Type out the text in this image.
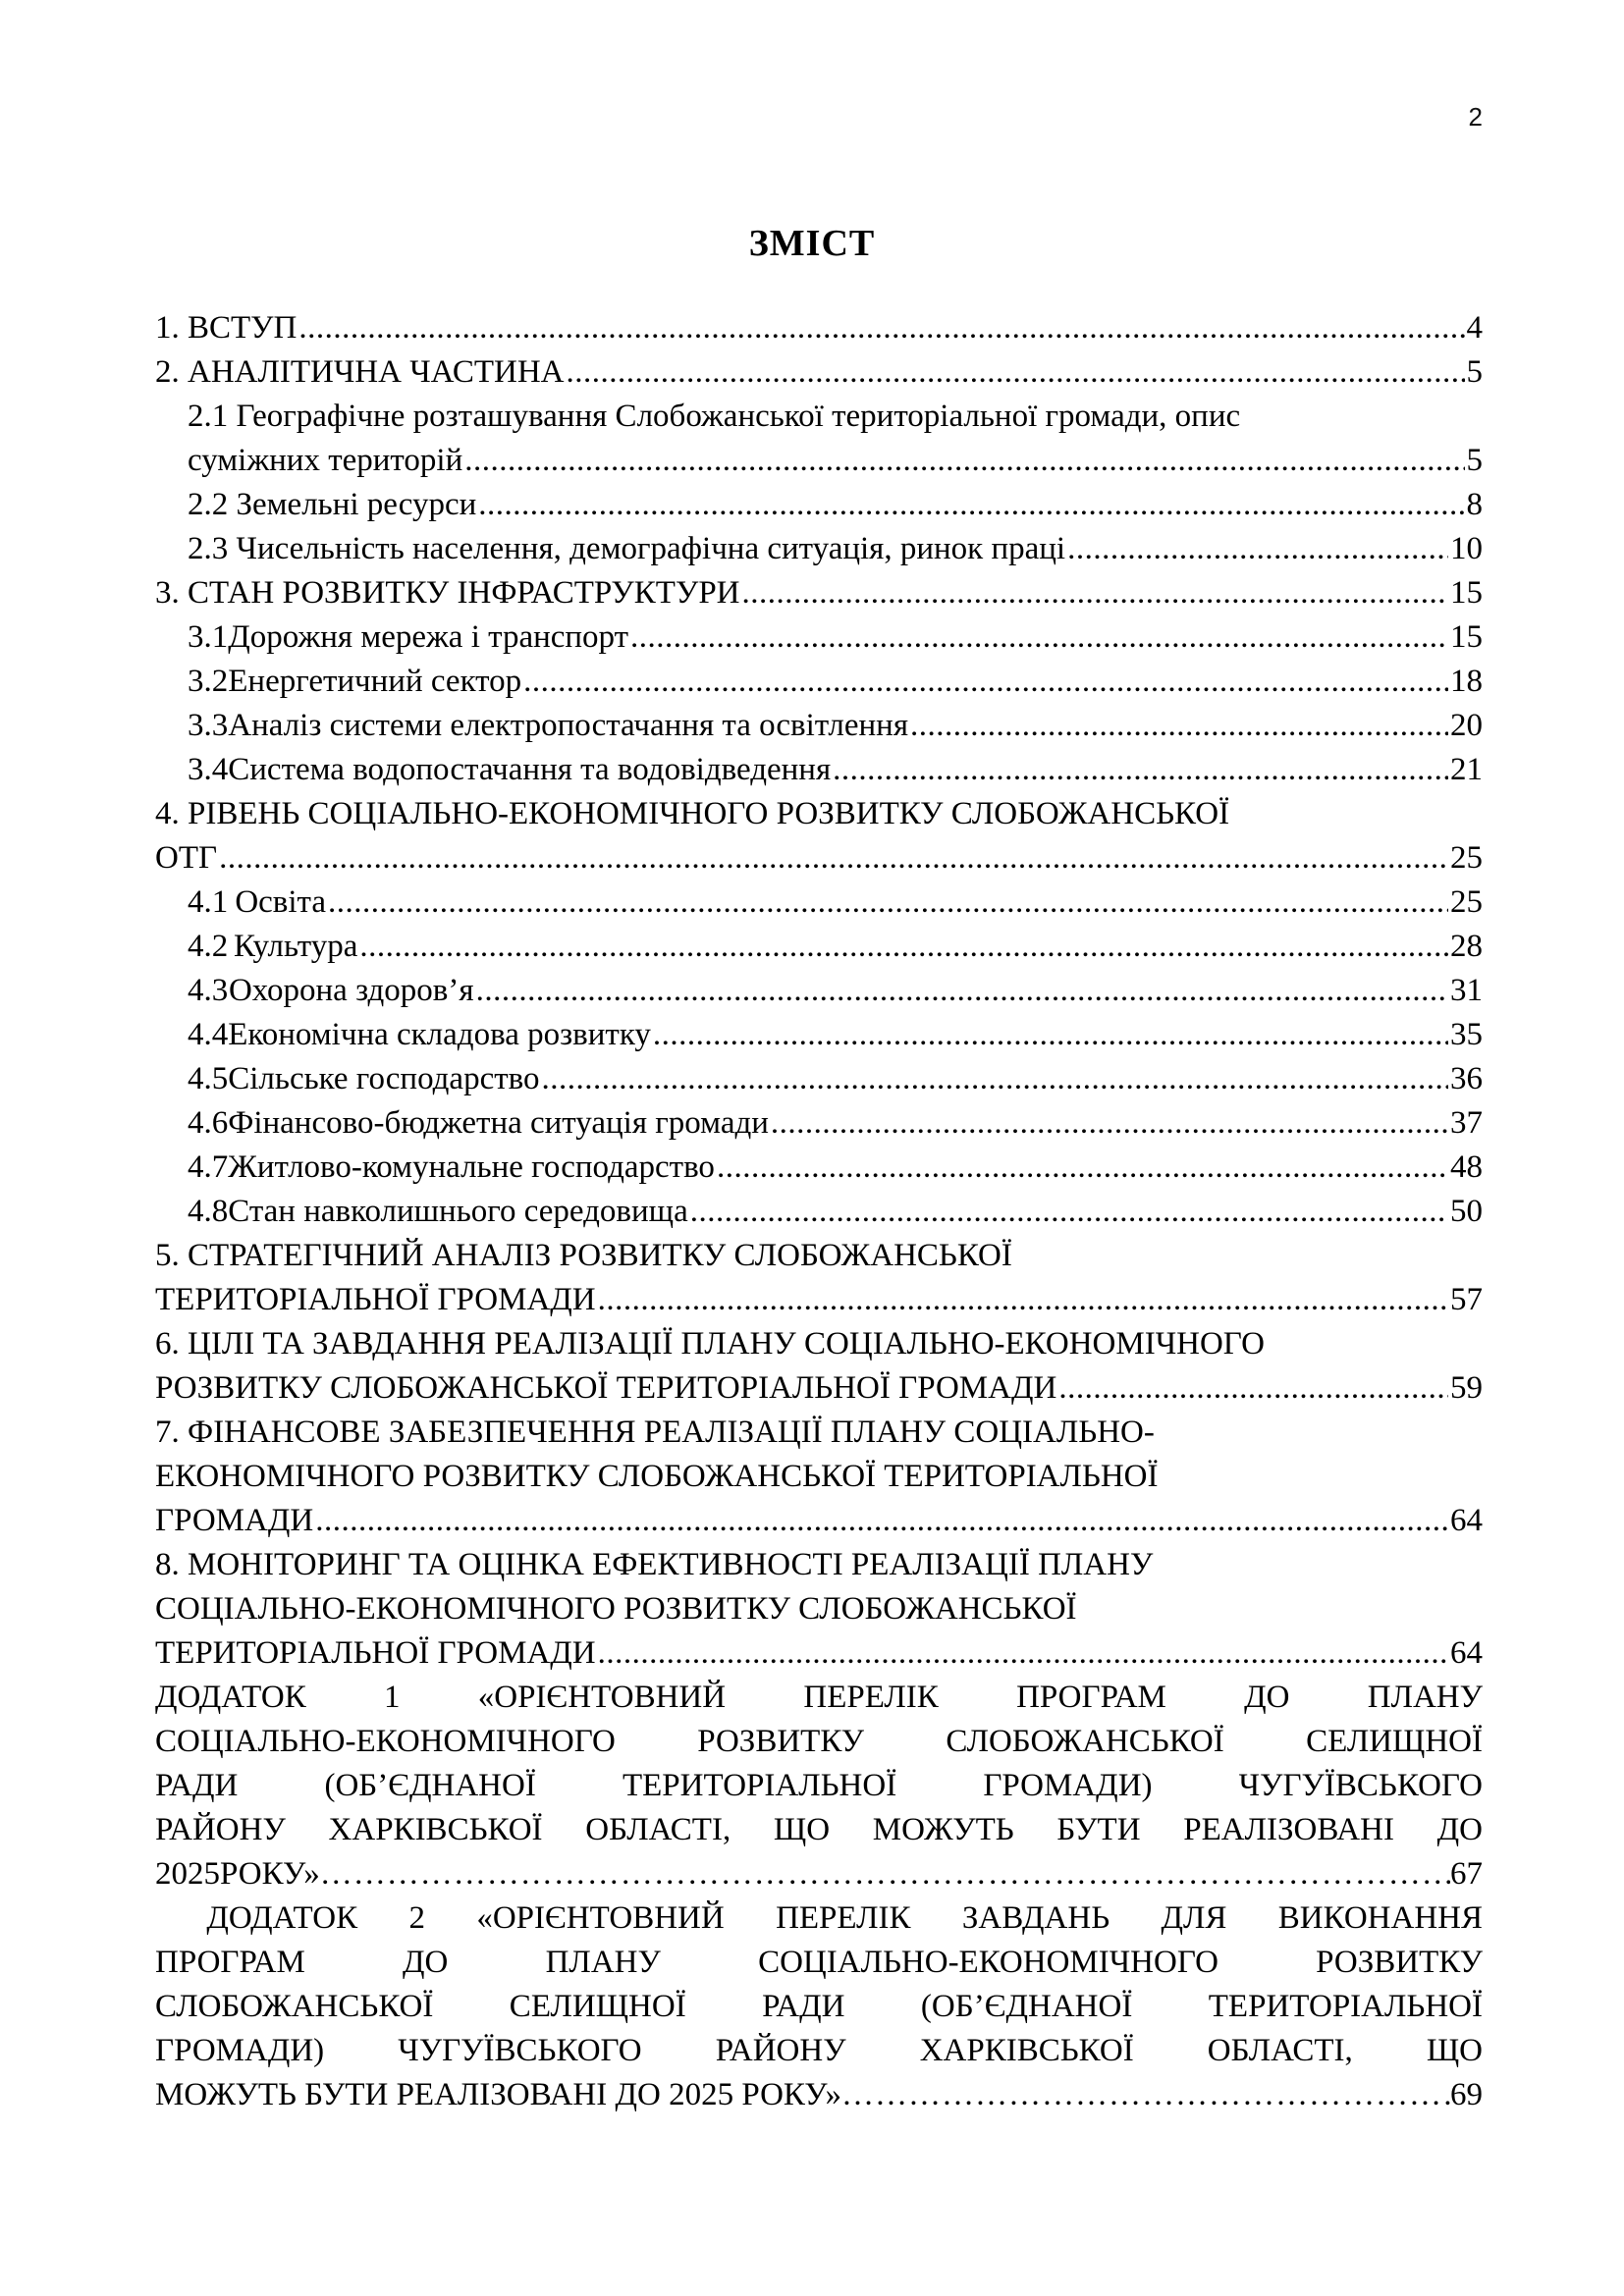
2
ЗМІСТ
1. ВСТУП .....	4
2. АНАЛІТИЧНА ЧАСТИНА .....	5
2.1 Географічне розташування Слобожанської територіальної громади, опис
суміжних територій .....	5
2.2 Земельні ресурси .....	8
2.3 Чисельність населення, демографічна ситуація, ринок праці .....	10
3. СТАН РОЗВИТКУ ІНФРАСТРУКТУРИ .....	15
3.1 Дорожня мережа і транспорт .....	15
3.2 Енергетичний сектор .....	18
3.3 Аналіз системи електропостачання та освітлення .....	20
3.4 Система водопостачання та водовідведення .....	21
4. РІВЕНЬ СОЦІАЛЬНО-ЕКОНОМІЧНОГО РОЗВИТКУ СЛОБОЖАНСЬКОЇ
ОТГ .....	25
4.1 Освіта .....	25
4.2 Культура .....	28
4.3 Охорона здоров’я .....	31
4.4 Економічна складова розвитку .....	35
4.5 Сільське господарство .....	36
4.6 Фінансово-бюджетна ситуація громади .....	37
4.7 Житлово-комунальне господарство .....	48
4.8 Стан навколишнього середовища .....	50
5. СТРАТЕГІЧНИЙ АНАЛІЗ РОЗВИТКУ СЛОБОЖАНСЬКОЇ
ТЕРИТОРІАЛЬНОЇ ГРОМАДИ .....	57
6. ЦІЛІ ТА ЗАВДАННЯ РЕАЛІЗАЦІЇ ПЛАНУ СОЦІАЛЬНО-ЕКОНОМІЧНОГО
РОЗВИТКУ СЛОБОЖАНСЬКОЇ ТЕРИТОРІАЛЬНОЇ ГРОМАДИ .....	59
7. ФІНАНСОВЕ ЗАБЕЗПЕЧЕННЯ РЕАЛІЗАЦІЇ ПЛАНУ СОЦІАЛЬНО-
ЕКОНОМІЧНОГО РОЗВИТКУ СЛОБОЖАНСЬКОЇ ТЕРИТОРІАЛЬНОЇ
ГРОМАДИ .....	64
8. МОНІТОРИНГ ТА ОЦІНКА ЕФЕКТИВНОСТІ РЕАЛІЗАЦІЇ ПЛАНУ
СОЦІАЛЬНО-ЕКОНОМІЧНОГО РОЗВИТКУ СЛОБОЖАНСЬКОЇ
ТЕРИТОРІАЛЬНОЇ ГРОМАДИ .....	64
ДОДАТОК 1 «ОРІЄНТОВНИЙ ПЕРЕЛІК ПРОГРАМ ДО ПЛАНУ
СОЦІАЛЬНО-ЕКОНОМІЧНОГО РОЗВИТКУ СЛОБОЖАНСЬКОЇ СЕЛИЩНОЇ
РАДИ (ОБ’ЄДНАНОЇ ТЕРИТОРІАЛЬНОЇ ГРОМАДИ) ЧУГУЇВСЬКОГО
РАЙОНУ ХАРКІВСЬКОЇ ОБЛАСТІ, ЩО МОЖУТЬ БУТИ РЕАЛІЗОВАНІ ДО
2025РОКУ» …………………………………………………………………………………………………………………………………	67
ДОДАТОК 2 «ОРІЄНТОВНИЙ ПЕРЕЛІК ЗАВДАНЬ ДЛЯ ВИКОНАННЯ
ПРОГРАМ ДО ПЛАНУ СОЦІАЛЬНО-ЕКОНОМІЧНОГО РОЗВИТКУ
СЛОБОЖАНСЬКОЇ СЕЛИЩНОЇ РАДИ (ОБ’ЄДНАНОЇ ТЕРИТОРІАЛЬНОЇ
ГРОМАДИ) ЧУГУЇВСЬКОГО РАЙОНУ ХАРКІВСЬКОЇ ОБЛАСТІ, ЩО
МОЖУТЬ БУТИ РЕАЛІЗОВАНІ ДО 2025 РОКУ» …………………………………………………………………………………………………………………………………	69
